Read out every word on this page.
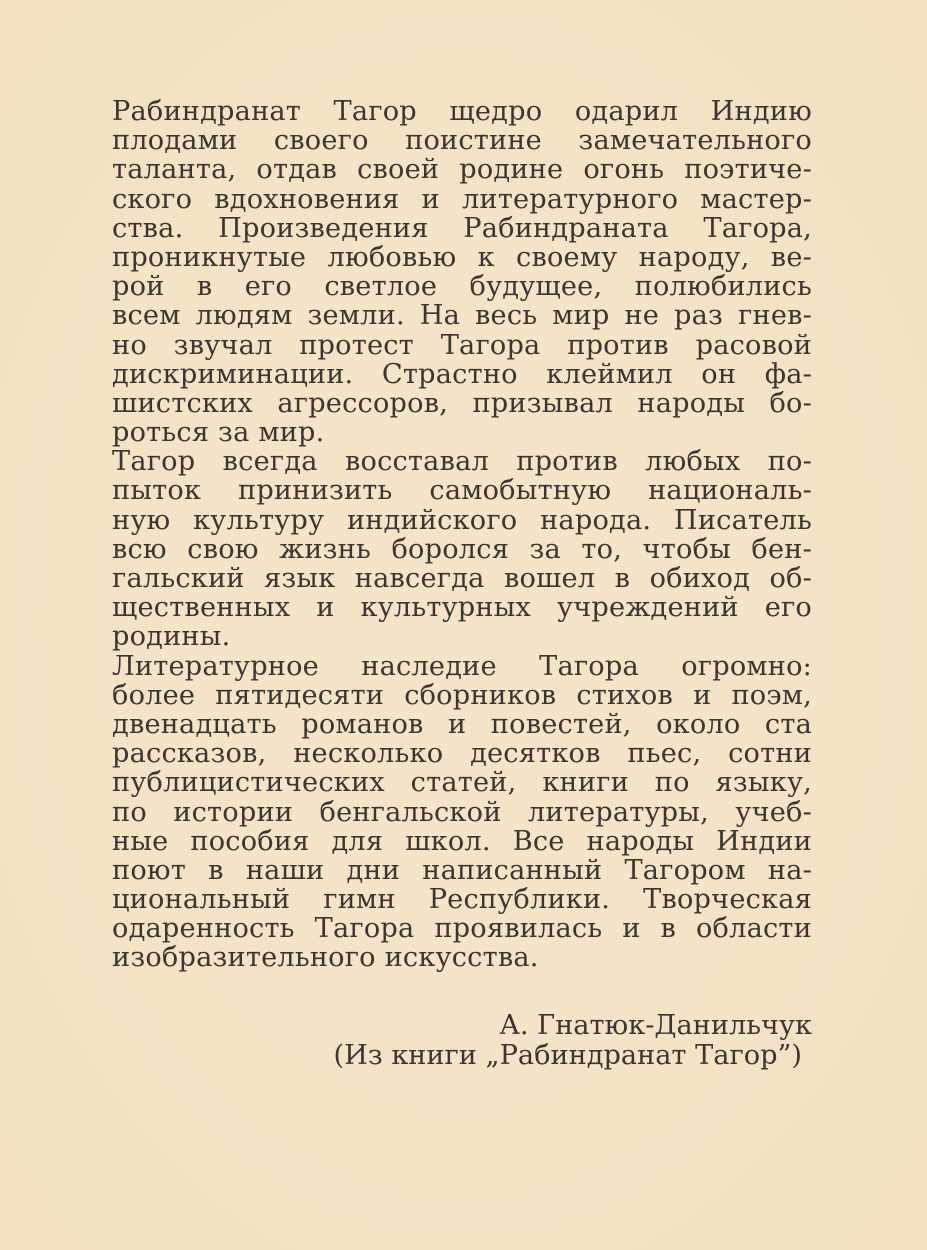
Рабиндранат Тагор щедро одарил Индию
плодами своего поистине замечательного
таланта, отдав своей родине огонь поэтиче-
ского вдохновения и литературного мастер-
ства. Произведения Рабиндраната Тагора,
проникнутые любовью к своему народу, ве-
рой в его светлое будущее, полюбились
всем людям земли. На весь мир не раз гнев-
но звучал протест Тагора против расовой
дискриминации. Страстно клеймил он фа-
шистских агрессоров, призывал народы бо-
роться за мир.
Тагор всегда восставал против любых по-
пыток принизить самобытную националь-
ную культуру индийского народа. Писатель
всю свою жизнь боролся за то, чтобы бен-
гальский язык навсегда вошел в обиход об-
щественных и культурных учреждений его
родины.
Литературное наследие Тагора огромно:
более пятидесяти сборников стихов и поэм,
двенадцать романов и повестей, около ста
рассказов, несколько десятков пьес, сотни
публицистических статей, книги по языку,
по истории бенгальской литературы, учеб-
ные пособия для школ. Все народы Индии
поют в наши дни написанный Тагором на-
циональный гимн Республики. Творческая
одаренность Тагора проявилась и в области
изобразительного искусства.
А. Гнатюк-Данильчук
(Из книги „Рабиндранат Тагор”)
